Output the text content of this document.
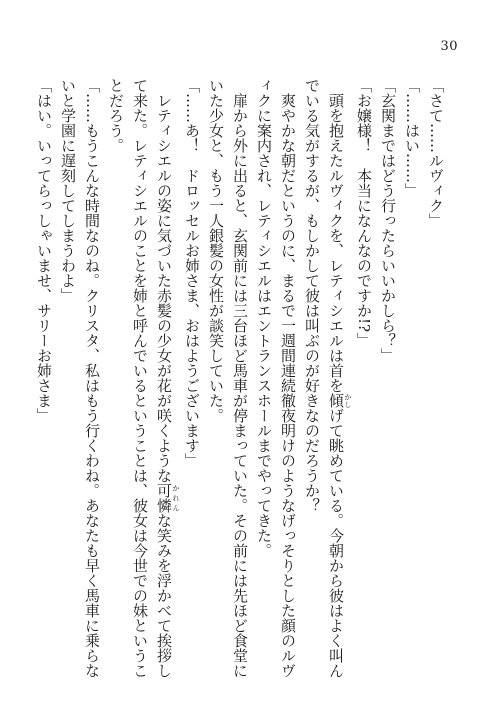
30

「さて……ルヴィク」

「……はい……」

「玄関まではどう行ったらいいかしら？」

「お嬢様！　本当になんなのですか!?」

頭を抱えたルヴィクを、レティシエルは首を傾 かしげて眺めている。今朝から彼はよく叫んでいる気がするが、もしかして彼は叫ぶのが好きなのだろうか？

爽やかな朝だというのに、まるで一週間連続徹夜明けのようなげっそりとした顔のルヴィクに案内され、レティシエルはエントランスホールまでやってきた。

扉から外に出ると、玄関前には三台ほど馬車が停まっていた。その前には先ほど食堂にいた少女と、もう一人銀髪の女性が談笑していた。

「……あ！　ドロッセルお姉さま、おはようございます」

レティシエルの姿に気づいた赤髪の少女が花が咲くような可憐 かれんな笑みを浮かべて挨拶して来た。レティシエルのことを姉と呼んでいるということは、彼女は今世での妹ということだろう。

「……もうこんな時間なのね。クリスタ、私はもう行くわね。あなたも早く馬車に乗らないと学園に遅刻してしまうわよ」

「はい。いってらっしゃいませ、サリーお姉さま」
